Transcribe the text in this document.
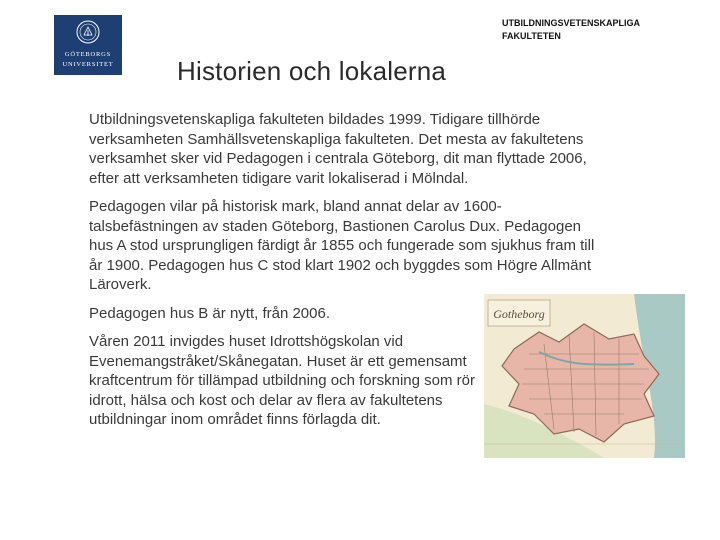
GÖTEBORGS
UNIVERSITET
UTBILDNINGSVETENSKAPLIGA
FAKULTETEN
Historien och lokalerna

Utbildningsvetenskapliga fakulteten bildades 1999. Tidigare tillhörde verksamheten Samhällsvetenskapliga fakulteten. Det mesta av fakultetens verksamhet sker vid Pedagogen i centrala Göteborg, dit man flyttade 2006, efter att verksamheten tidigare varit lokaliserad i Mölndal.

Pedagogen vilar på historisk mark, bland annat delar av 1600-talsbefästningen av staden Göteborg, Bastionen Carolus Dux. Pedagogen hus A stod ursprungligen färdigt år 1855 och fungerade som sjukhus fram till år 1900. Pedagogen hus C stod klart 1902 och byggdes som Högre Allmänt Läroverk.

Pedagogen hus B är nytt, från 2006.

Våren 2011 invigdes huset Idrottshögskolan vid Evenemangstråket/Skånegatan. Huset är ett gemensamt kraftcentrum för tillämpad utbildning och forskning som rör idrott, hälsa och kost och delar av flera av fakultetens utbildningar inom området finns förlagda dit.

Gotheborg
